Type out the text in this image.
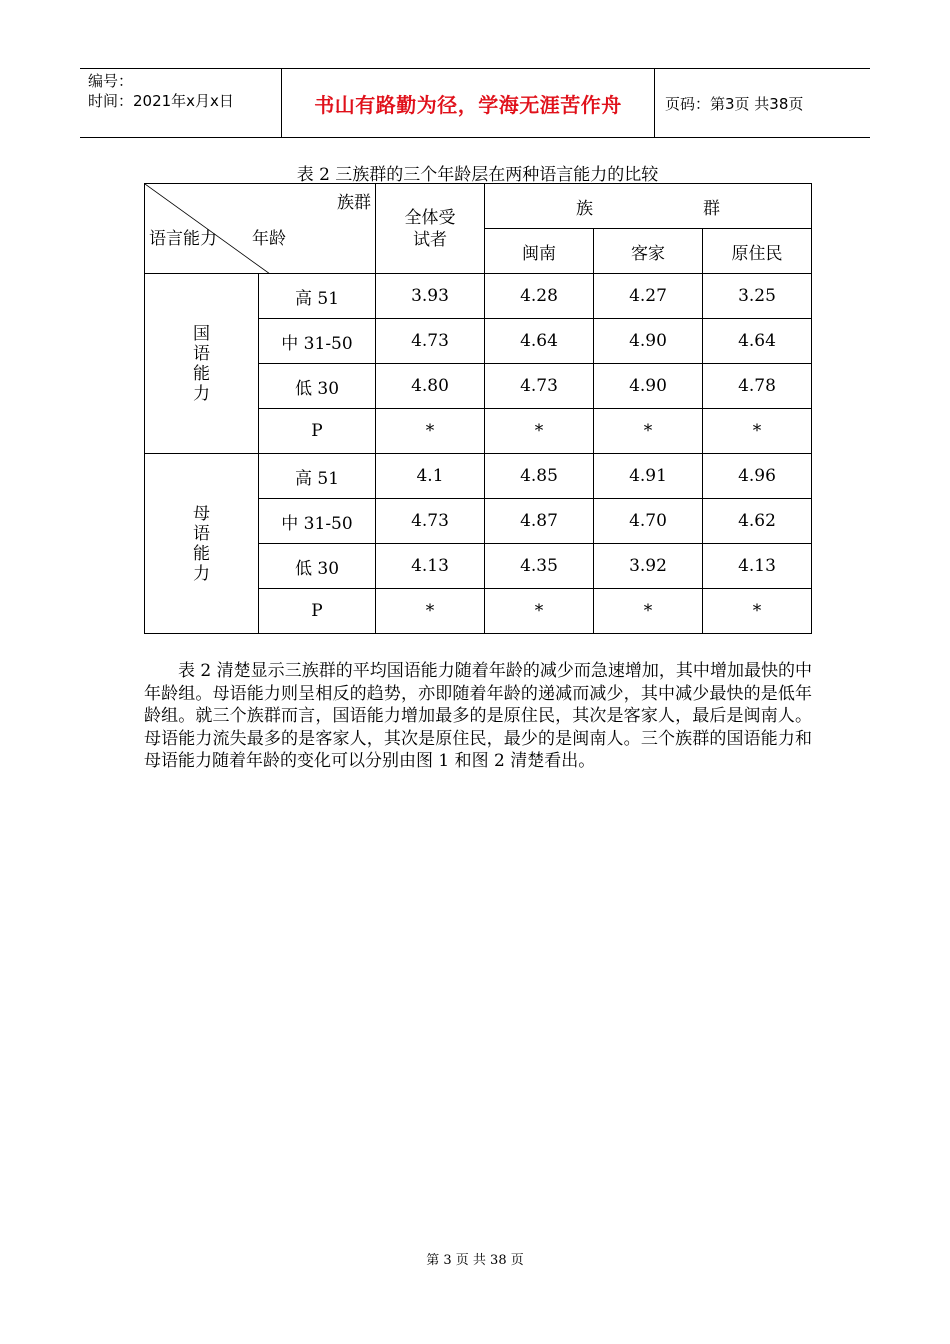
编号：
时间：2021年x月x日	书山有路勤为径，学海无涯苦作舟	页码：第3页 共38页
表 2 三族群的三个年龄层在两种语言能力的比较
族群
语言能力 年龄		全体受试者	族 群		
			闽南	客家	原住民

国语能力	高 51	3.93	4.28	4.27	3.25
	中 31-50	4.73	4.64	4.90	4.64
	低 30	4.80	4.73	4.90	4.78
	P	*	*	*	*

母语能力	高 51	4.1	4.85	4.91	4.96
	中 31-50	4.73	4.87	4.70	4.62
	低 30	4.13	4.35	3.92	4.13
	P	*	*	*	*
表 2 清楚显示三族群的平均国语能力随着年龄的减少而急速增加，其中增加最快的中年龄组。母语能力则呈相反的趋势，亦即随着年龄的递减而减少，其中减少最快的是低年龄组。就三个族群而言，国语能力增加最多的是原住民，其次是客家人，最后是闽南人。母语能力流失最多的是客家人，其次是原住民，最少的是闽南人。三个族群的国语能力和母语能力随着年龄的变化可以分别由图 1 和图 2 清楚看出。
第 3 页 共 38 页
